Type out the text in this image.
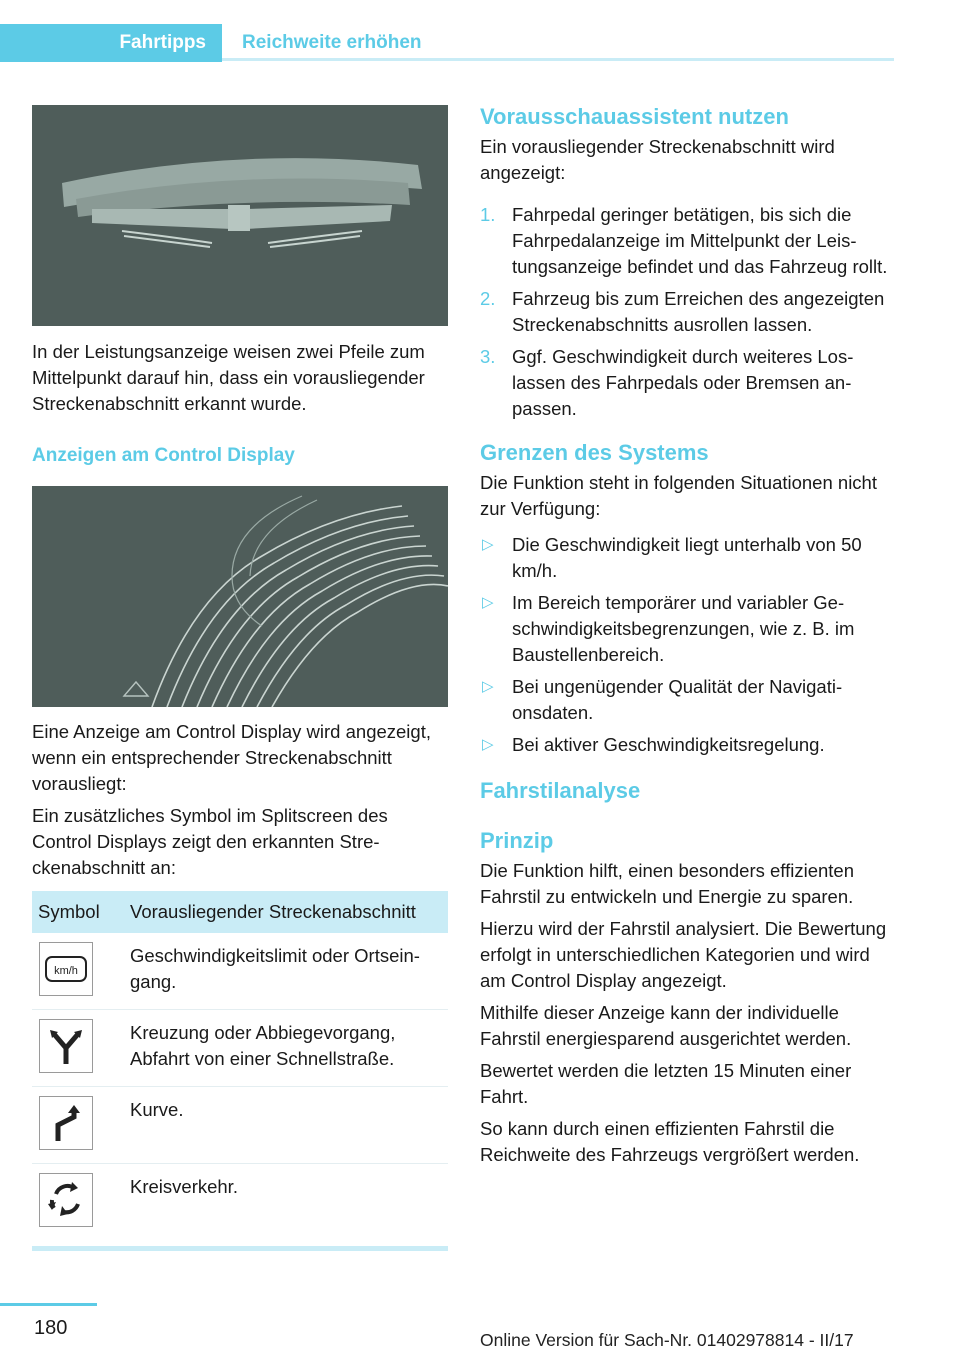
Fahrtipps Reichweite erhöhen

In der Leistungsanzeige weisen zwei Pfeile zum Mittelpunkt darauf hin, dass ein vorausliegender Streckenabschnitt erkannt wurde.

Anzeigen am Control Display

Eine Anzeige am Control Display wird angezeigt, wenn ein entsprechender Streckenabschnitt vorausliegt:

Ein zusätzliches Symbol im Splitscreen des Control Displays zeigt den erkannten Streckenabschnitt an:

Symbol	Vorausliegender Streckenabschnitt

km/h	Geschwindigkeitslimit oder Ortseingang.

	Kreuzung oder Abbiegevorgang, Abfahrt von einer Schnellstraße.

	Kurve.

	Kreisverkehr.

Vorausschauassistent nutzen

Ein vorausliegender Streckenabschnitt wird angezeigt:

1. Fahrpedal geringer betätigen, bis sich die Fahrpedalanzeige im Mittelpunkt der Leistungsanzeige befindet und das Fahrzeug rollt.
2. Fahrzeug bis zum Erreichen des angezeigten Streckenabschnitts ausrollen lassen.
3. Ggf. Geschwindigkeit durch weiteres Loslassen des Fahrpedals oder Bremsen anpassen.

Grenzen des Systems

Die Funktion steht in folgenden Situationen nicht zur Verfügung:

▷ Die Geschwindigkeit liegt unterhalb von 50 km/h.
▷ Im Bereich temporärer und variabler Geschwindigkeitsbegrenzungen, wie z. B. im Baustellenbereich.
▷ Bei ungenügender Qualität der Navigationsdaten.
▷ Bei aktiver Geschwindigkeitsregelung.

Fahrstilanalyse

Prinzip

Die Funktion hilft, einen besonders effizienten Fahrstil zu entwickeln und Energie zu sparen.

Hierzu wird der Fahrstil analysiert. Die Bewertung erfolgt in unterschiedlichen Kategorien und wird am Control Display angezeigt.

Mithilfe dieser Anzeige kann der individuelle Fahrstil energiesparend ausgerichtet werden.

Bewertet werden die letzten 15 Minuten einer Fahrt.

So kann durch einen effizienten Fahrstil die Reichweite des Fahrzeugs vergrößert werden.

180
Online Version für Sach-Nr. 01402978814 - II/17
